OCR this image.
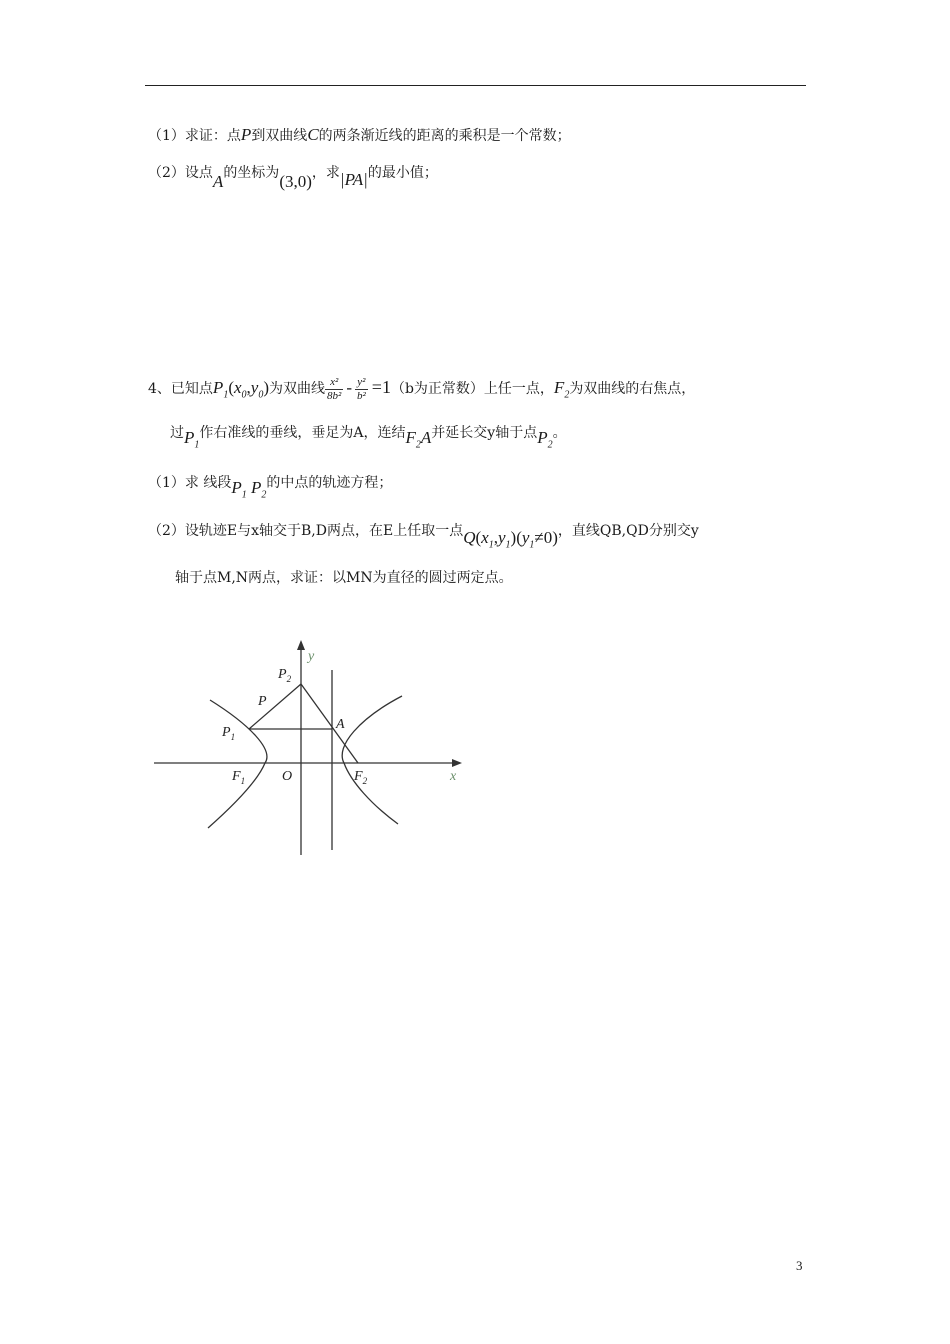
（1）求证：点P到双曲线C的两条渐近线的距离的乘积是一个常数；
（2）设点A的坐标为(3,0)，求|PA|的最小值；
4、已知点$P_1(x_0,y_0)$为双曲线 $\frac{\text{x²}}{\text{8b²}} - \frac{\text{y²}}{\text{b²}} =1(b$为正常数）上任一点，$F_2$为双曲线的右焦点，
过$P_1$作右准线的垂线，垂足为A，连结$F_2A$并延长交y轴于点$P_2$。
（1）求 线段$P_1$ $P_2$的中点的轨迹方程；
（2）设轨迹E与x轴交于B,D两点，在E上任取一点$Q(x_1,y_1)(y_1\ne 0)$，直线QB,QD分别交y
轴于点M,N两点，求证：以MN为直径的圆过两定点。
y
x
$P_2$
P
$P_1$
A
$F_1$	O	$F_2$
3
